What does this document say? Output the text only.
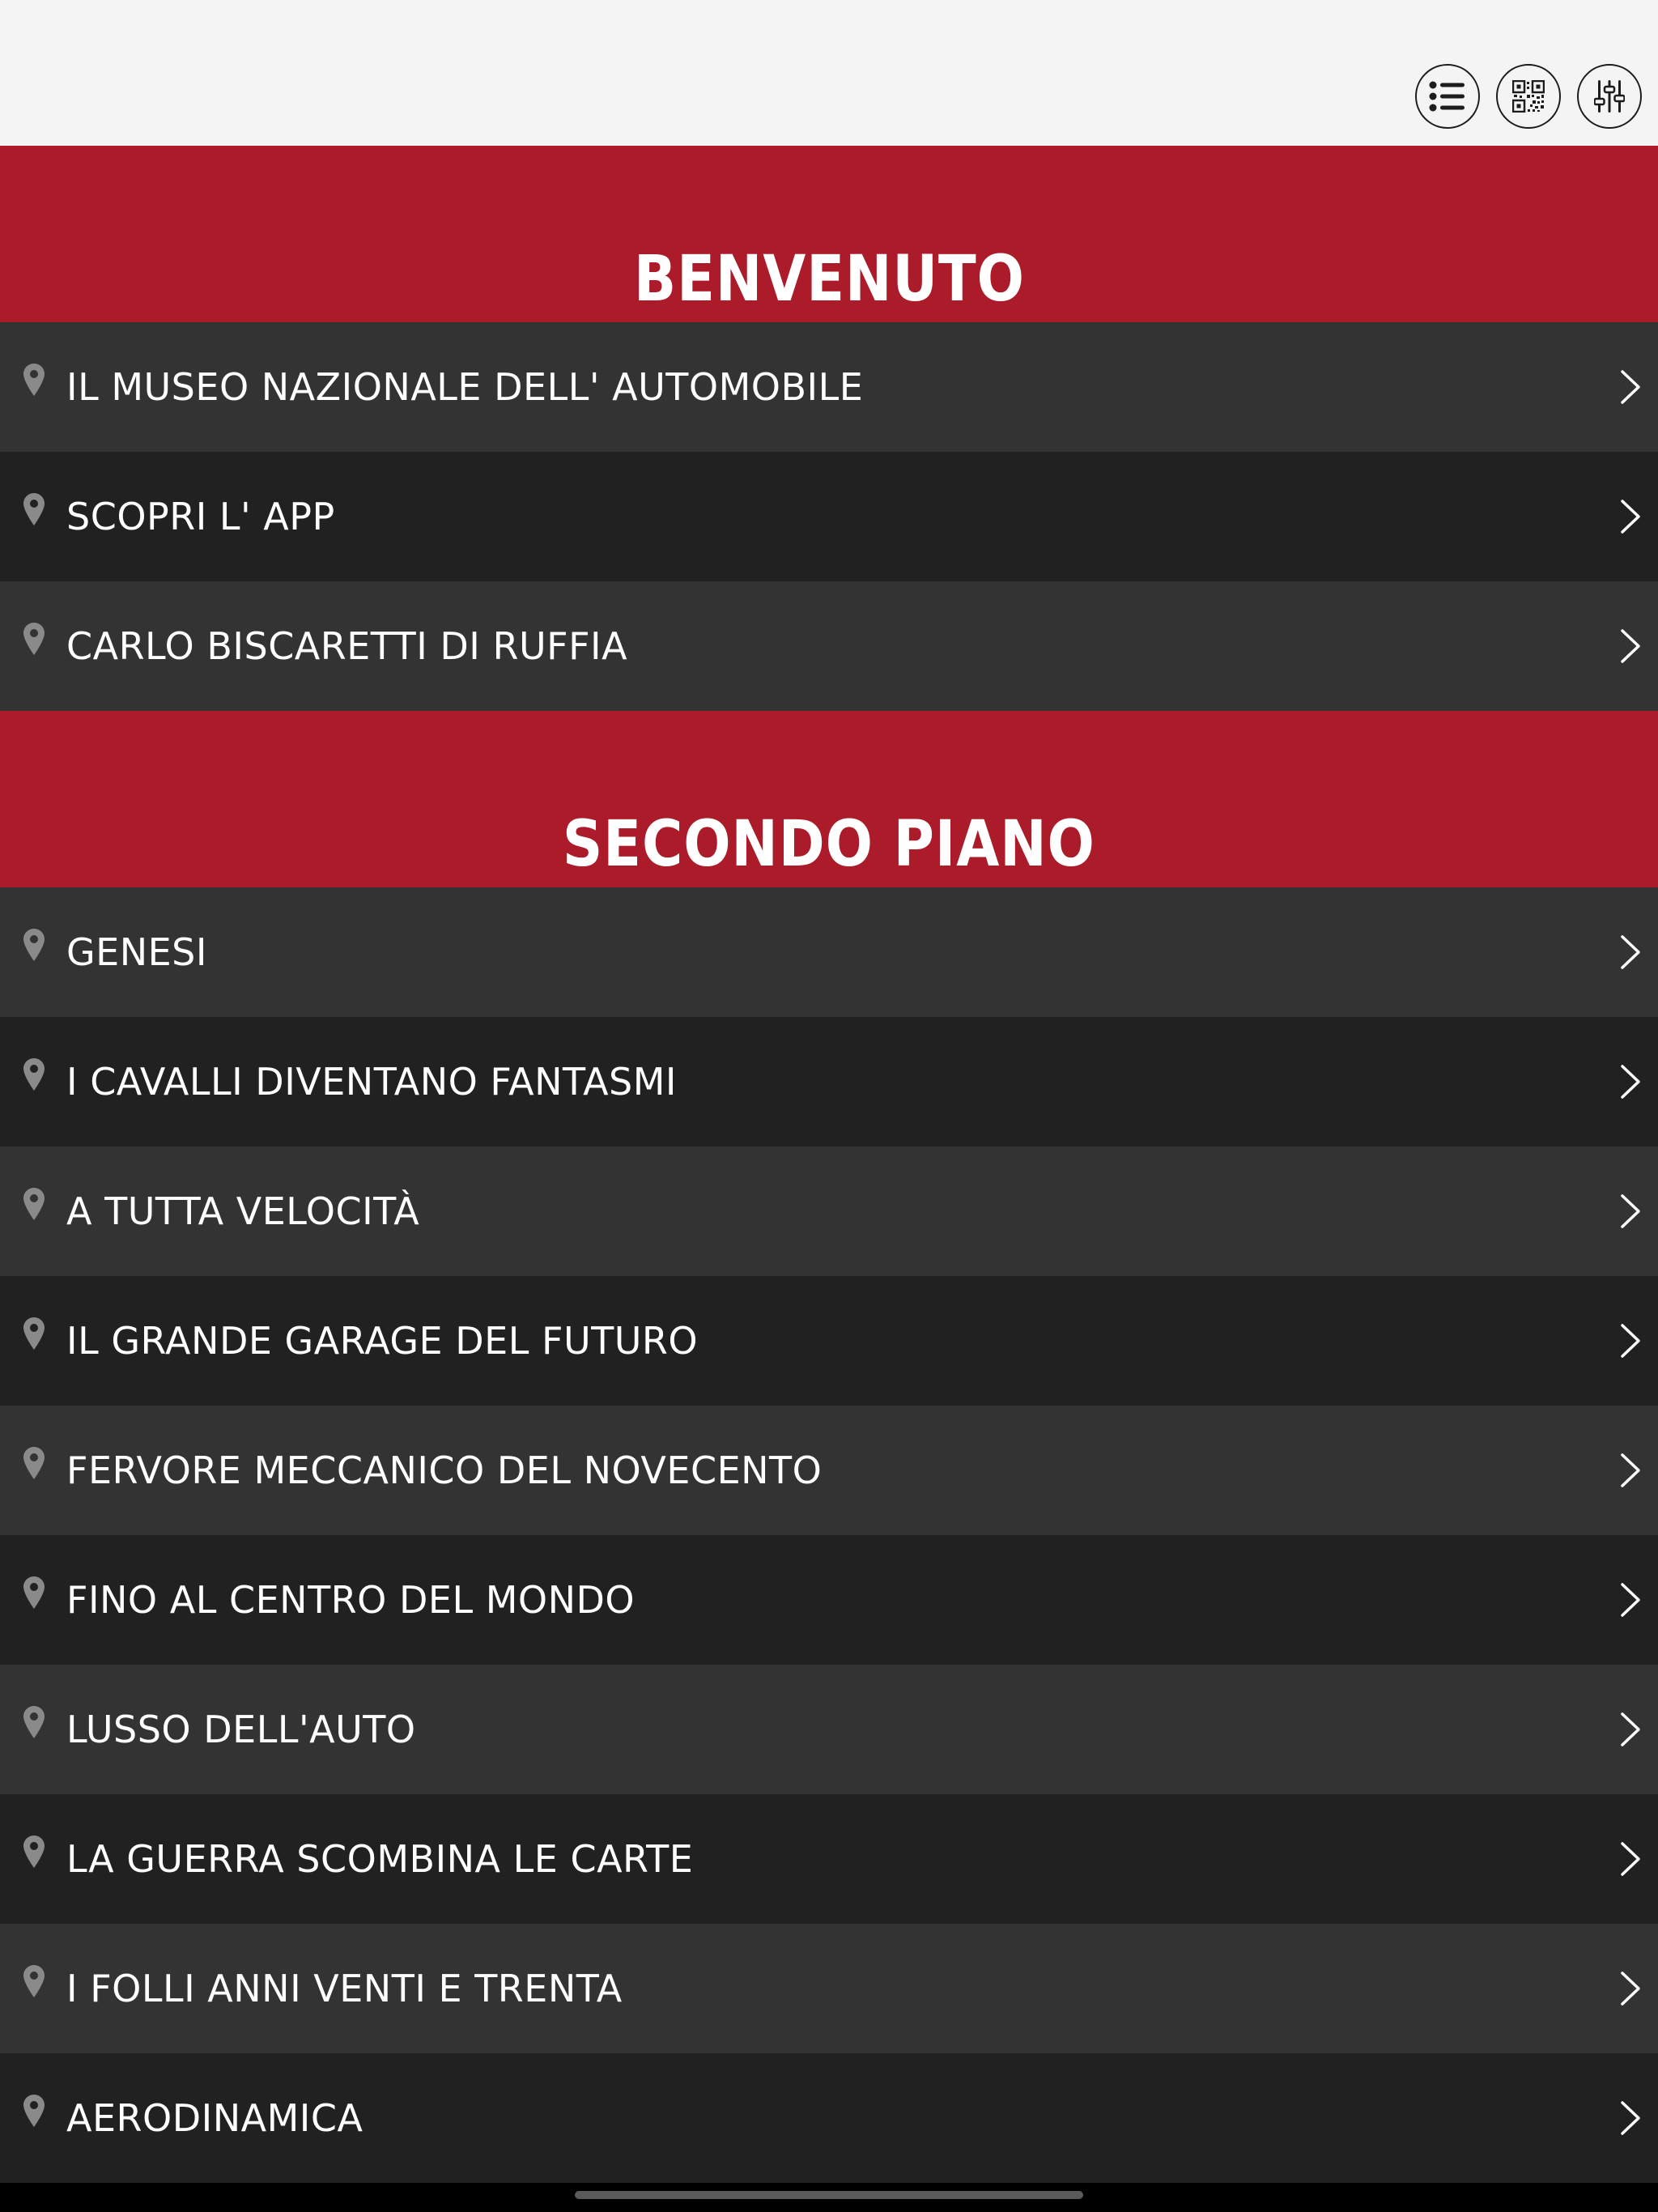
BENVENUTO
IL MUSEO NAZIONALE DELL' AUTOMOBILE
SCOPRI L' APP
CARLO BISCARETTI DI RUFFIA
SECONDO PIANO
GENESI
I CAVALLI DIVENTANO FANTASMI
A TUTTA VELOCITÀ
IL GRANDE GARAGE DEL FUTURO
FERVORE MECCANICO DEL NOVECENTO
FINO AL CENTRO DEL MONDO
LUSSO DELL'AUTO
LA GUERRA SCOMBINA LE CARTE
I FOLLI ANNI VENTI E TRENTA
AERODINAMICA
